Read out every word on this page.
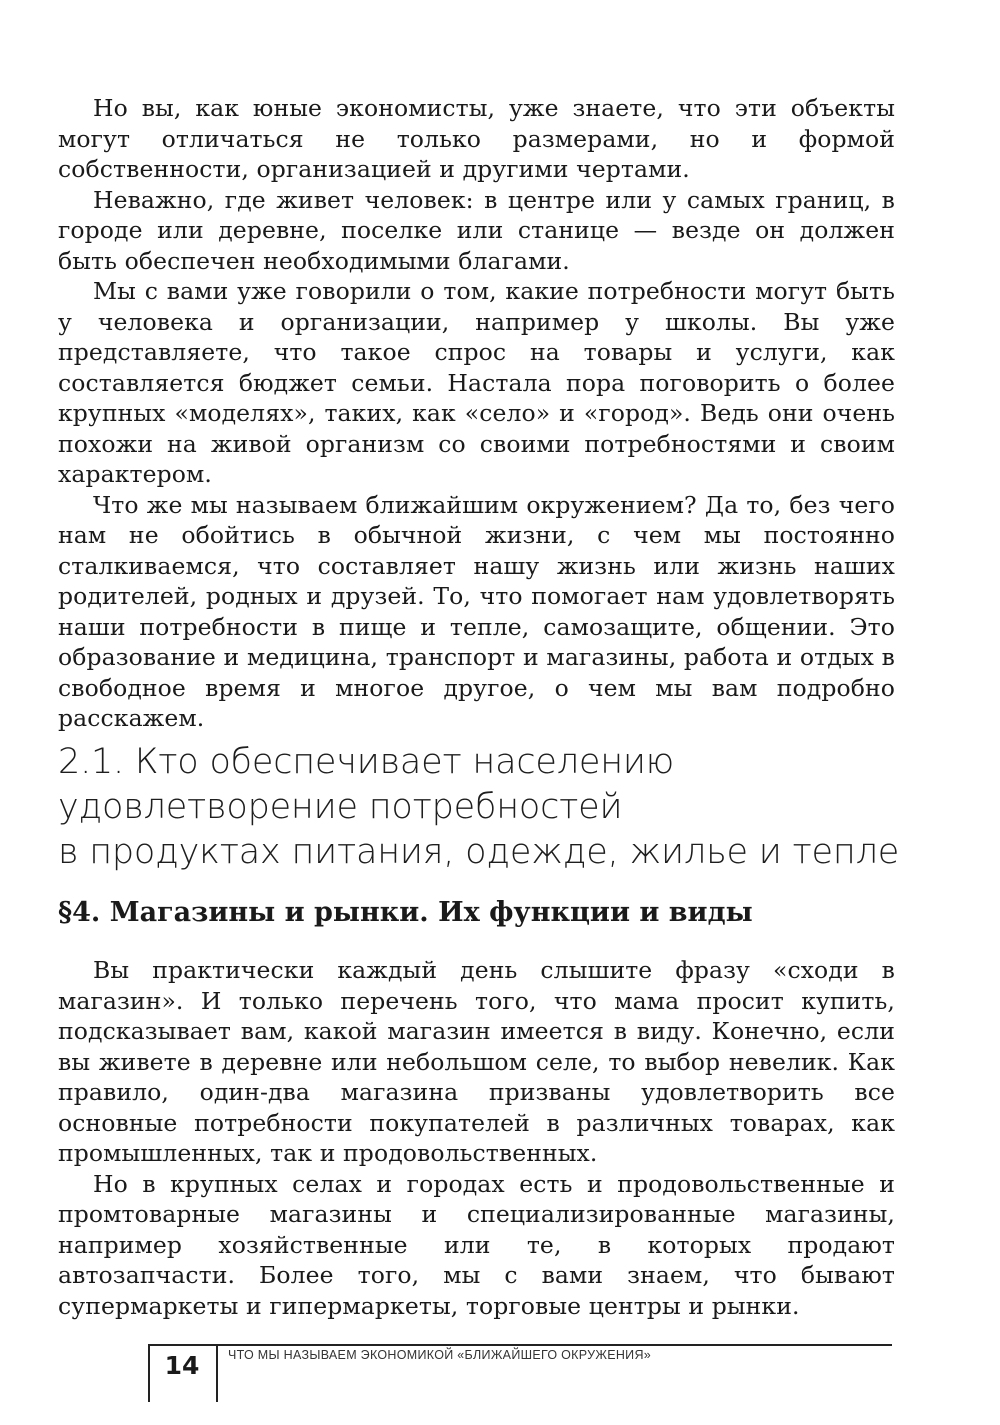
Но вы, как юные экономисты, уже знаете, что эти объекты могут отличаться не только размерами, но и формой собственности, организацией и другими чертами.

Неважно, где живет человек: в центре или у самых границ, в городе или деревне, поселке или станице — везде он должен быть обеспечен необходимыми благами.

Мы с вами уже говорили о том, какие потребности могут быть у человека и организации, например у школы. Вы уже представляете, что такое спрос на товары и услуги, как составляется бюджет семьи. Настала пора поговорить о более крупных «моделях», таких, как «село» и «город». Ведь они очень похожи на живой организм со своими потребностями и своим характером.

Что же мы называем ближайшим окружением? Да то, без чего нам не обойтись в обычной жизни, с чем мы постоянно сталкиваемся, что составляет нашу жизнь или жизнь наших родителей, родных и друзей. То, что помогает нам удовлетворять наши потребности в пище и тепле, самозащите, общении. Это образование и медицина, транспорт и магазины, работа и отдых в свободное время и многое другое, о чем мы вам подробно расскажем.

2.1. Кто обеспечивает населению
удовлетворение потребностей
в продуктах питания, одежде, жилье и тепле
§4. Магазины и рынки. Их функции и виды

Вы практически каждый день слышите фразу «сходи в магазин». И только перечень того, что мама просит купить, подсказывает вам, какой магазин имеется в виду. Конечно, если вы живете в деревне или небольшом селе, то выбор невелик. Как правило, один-два магазина призваны удовлетворить все основные потребности покупателей в различных товарах, как промышленных, так и продовольственных.

Но в крупных селах и городах есть и продовольственные и промтоварные магазины и специализированные магазины, например хозяйственные или те, в которых продают автозапчасти. Более того, мы с вами знаем, что бывают супермаркеты и гипермаркеты, торговые центры и рынки.

14	ЧТО МЫ НАЗЫВАЕМ ЭКОНОМИКОЙ «БЛИЖАЙШЕГО ОКРУЖЕНИЯ»
